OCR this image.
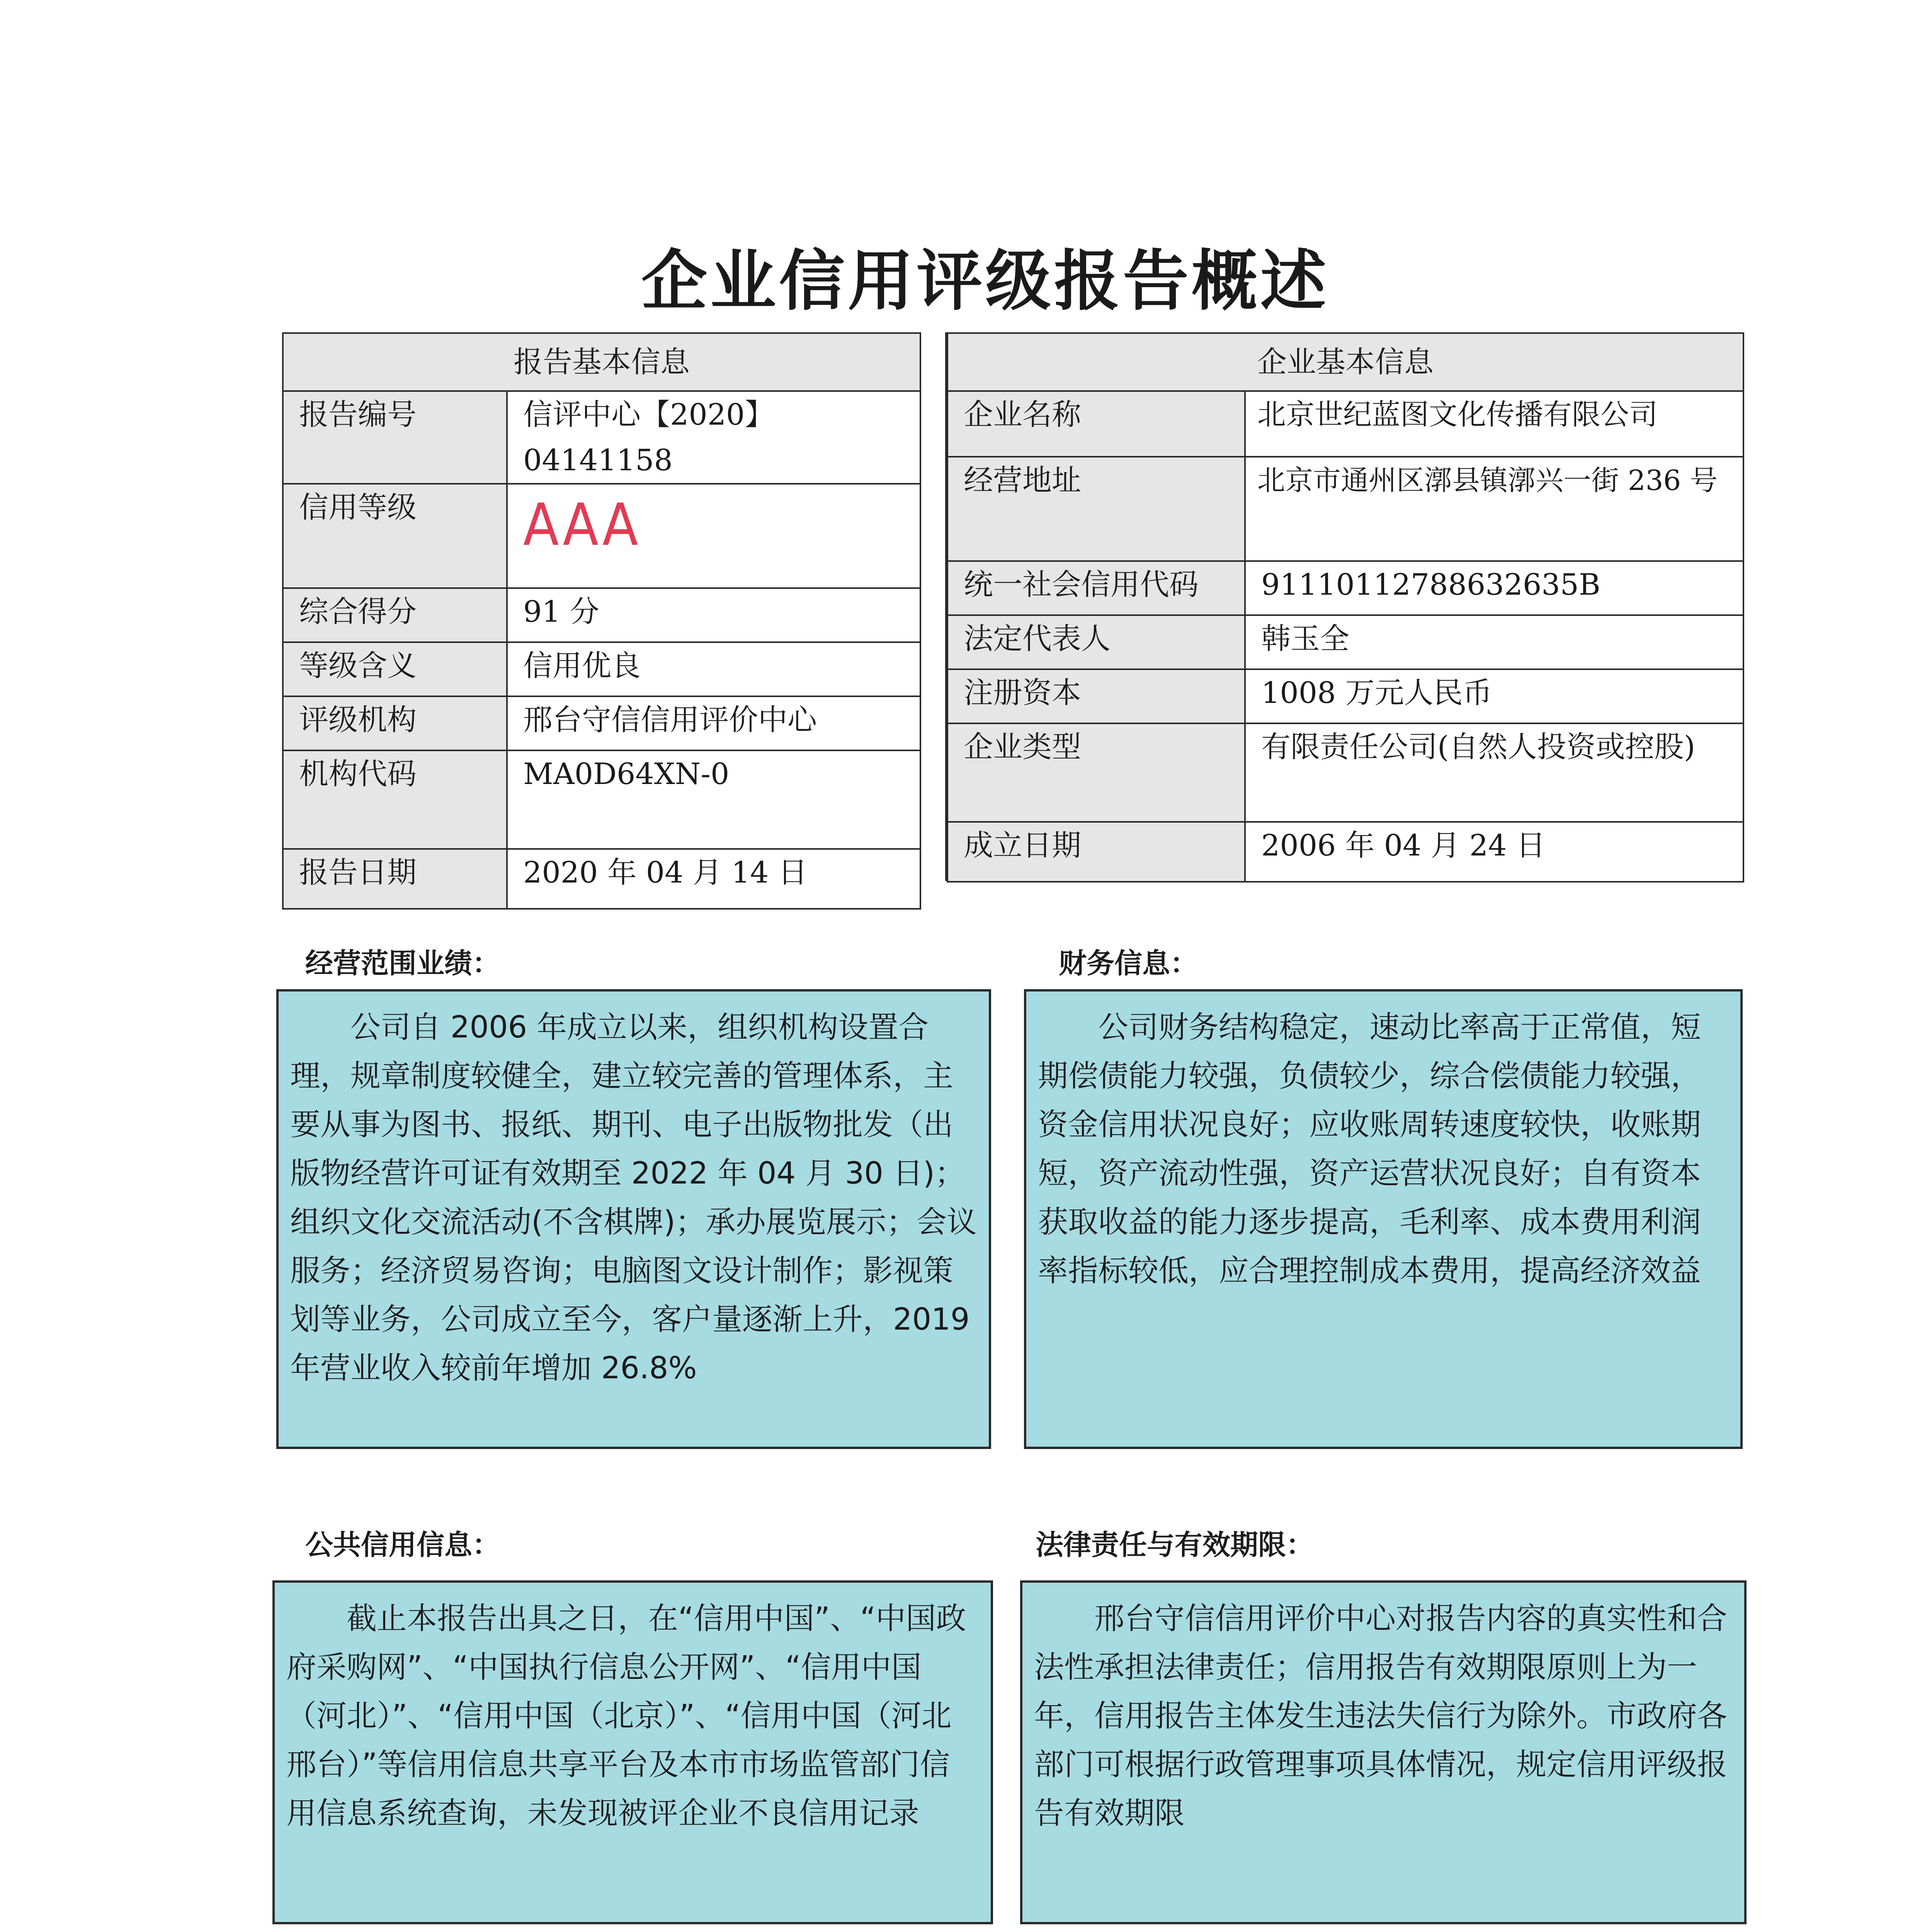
企业信用评级报告概述
报告基本信息	
报告编号	信评中心【2020】04141158
信用等级	AAA
综合得分	91 分
等级含义	信用优良
评级机构	邢台守信信用评价中心
机构代码	MA0D64XN-0
报告日期	2020 年 04 月 14 日
企业基本信息	
企业名称	北京世纪蓝图文化传播有限公司
经营地址	北京市通州区漷县镇漷兴一街 236 号
统一社会信用代码	91110112788632635B
法定代表人	韩玉全
注册资本	1008 万元人民币
企业类型	有限责任公司(自然人投资或控股)
成立日期	2006 年 04 月 24 日
经营范围业绩：
公司自 2006 年成立以来，组织机构设置合理，规章制度较健全，建立较完善的管理体系，主要从事为图书、报纸、期刊、电子出版物批发（出版物经营许可证有效期至 2022 年 04 月 30 日)；组织文化交流活动(不含棋牌)；承办展览展示；会议服务；经济贸易咨询；电脑图文设计制作；影视策划等业务，公司成立至今，客户量逐渐上升，2019 年营业收入较前年增加 26.8%
财务信息：
公司财务结构稳定，速动比率高于正常值，短期偿债能力较强，负债较少，综合偿债能力较强，资金信用状况良好；应收账周转速度较快，收账期短，资产流动性强，资产运营状况良好；自有资本获取收益的能力逐步提高，毛利率、成本费用利润率指标较低，应合理控制成本费用，提高经济效益
公共信用信息：
截止本报告出具之日，在“信用中国”、“中国政府采购网”、“中国执行信息公开网”、“信用中国（河北）”、“信用中国（北京）”、“信用中国（河北邢台）”等信用信息共享平台及本市市场监管部门信用信息系统查询，未发现被评企业不良信用记录
法律责任与有效期限：
邢台守信信用评价中心对报告内容的真实性和合法性承担法律责任；信用报告有效期限原则上为一年，信用报告主体发生违法失信行为除外。市政府各部门可根据行政管理事项具体情况，规定信用评级报告有效期限
